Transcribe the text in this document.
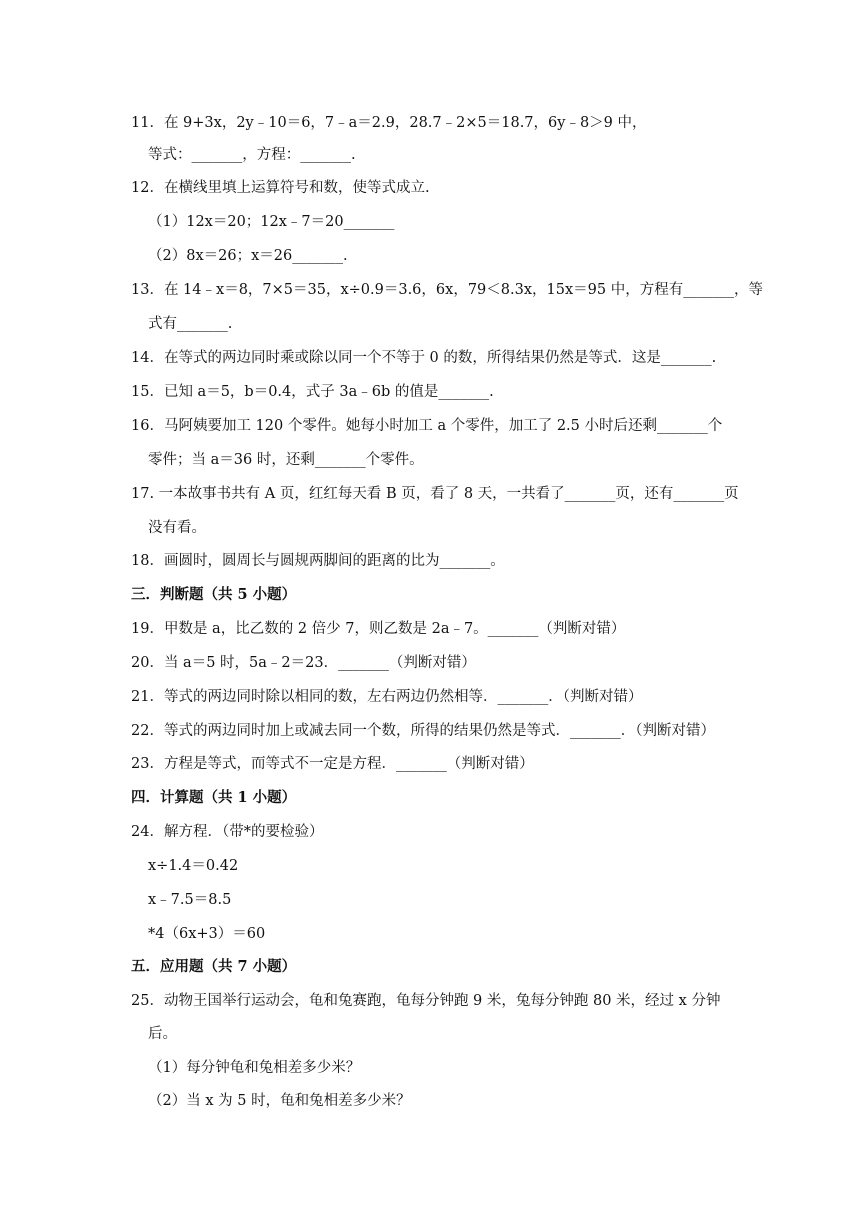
11．在 9+3x，2y﹣10＝6，7﹣a＝2.9，28.7﹣2×5＝18.7，6y﹣8＞9 中，
等式：_______，方程：_______.
12．在横线里填上运算符号和数，使等式成立.
（1）12x＝20；12x﹣7＝20_______
（2）8x＝26；x＝26_______.
13．在 14﹣x＝8，7×5＝35，x÷0.9＝3.6，6x，79＜8.3x，15x＝95 中，方程有_______，等
式有_______.
14．在等式的两边同时乘或除以同一个不等于 0 的数，所得结果仍然是等式．这是_______.
15．已知 a＝5，b＝0.4，式子 3a﹣6b 的值是_______.
16．马阿姨要加工 120 个零件。她每小时加工 a 个零件，加工了 2.5 小时后还剩_______个
零件；当 a＝36 时，还剩_______个零件。
17. 一本故事书共有 A 页，红红每天看 B 页，看了 8 天，一共看了_______页，还有_______页
没有看。
18．画圆时，圆周长与圆规两脚间的距离的比为_______。
三．判断题（共 5 小题）
19．甲数是 a，比乙数的 2 倍少 7，则乙数是 2a﹣7。_______（判断对错）
20．当 a＝5 时，5a﹣2＝23．_______（判断对错）
21．等式的两边同时除以相同的数，左右两边仍然相等．_______．（判断对错）
22．等式的两边同时加上或减去同一个数，所得的结果仍然是等式．_______．（判断对错）
23．方程是等式，而等式不一定是方程．_______（判断对错）
四．计算题（共 1 小题）
24．解方程．（带*的要检验）
x÷1.4＝0.42
x﹣7.5＝8.5
*4（6x+3）＝60
五．应用题（共 7 小题）
25．动物王国举行运动会，龟和兔赛跑，龟每分钟跑 9 米，兔每分钟跑 80 米，经过 x 分钟
后。
（1）每分钟龟和兔相差多少米？
（2）当 x 为 5 时，龟和兔相差多少米？
